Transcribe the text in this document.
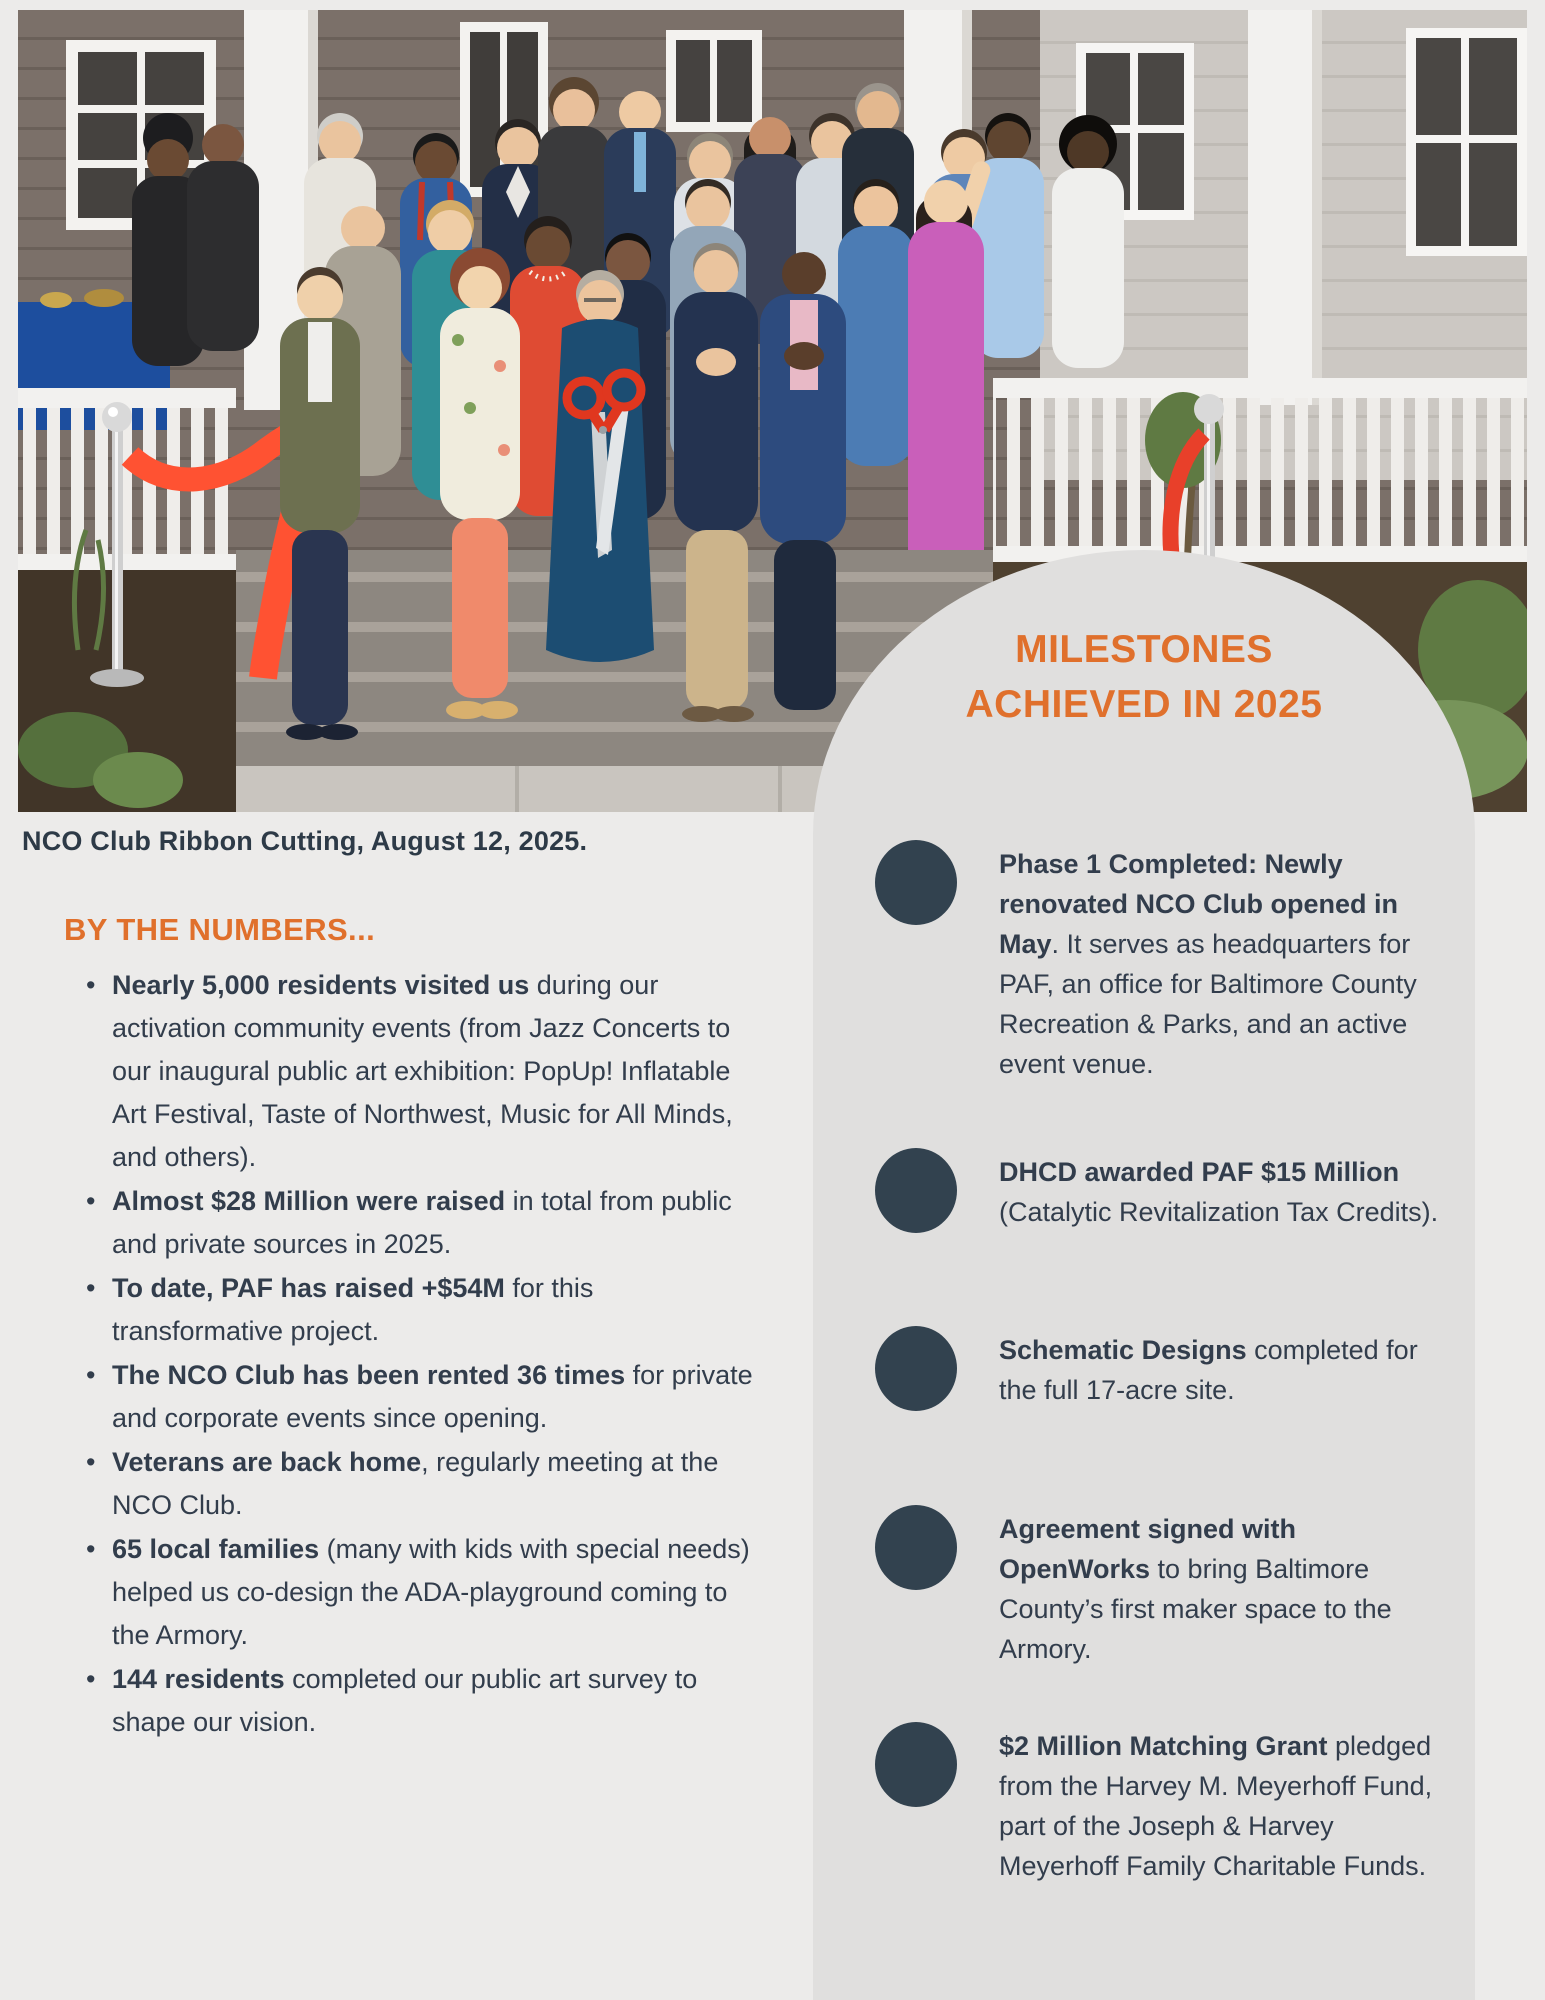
NCO Club Ribbon Cutting, August 12, 2025.
BY THE NUMBERS...
• Nearly 5,000 residents visited us during our activation community events (from Jazz Concerts to our inaugural public art exhibition: PopUp! Inflatable Art Festival, Taste of Northwest, Music for All Minds, and others).
• Almost $28 Million were raised in total from public and private sources in 2025.
• To date, PAF has raised +$54M for this transformative project.
• The NCO Club has been rented 36 times for private and corporate events since opening.
• Veterans are back home, regularly meeting at the NCO Club.
• 65 local families (many with kids with special needs) helped us co-design the ADA-playground coming to the Armory.
• 144 residents completed our public art survey to shape our vision.
MILESTONES
ACHIEVED IN 2025
Phase 1 Completed: Newly renovated NCO Club opened in May. It serves as headquarters for PAF, an office for Baltimore County Recreation & Parks, and an active event venue.
DHCD awarded PAF $15 Million (Catalytic Revitalization Tax Credits).
Schematic Designs completed for the full 17-acre site.
Agreement signed with OpenWorks to bring Baltimore County’s first maker space to the Armory.
$2 Million Matching Grant pledged from the Harvey M. Meyerhoff Fund, part of the Joseph & Harvey Meyerhoff Family Charitable Funds.
